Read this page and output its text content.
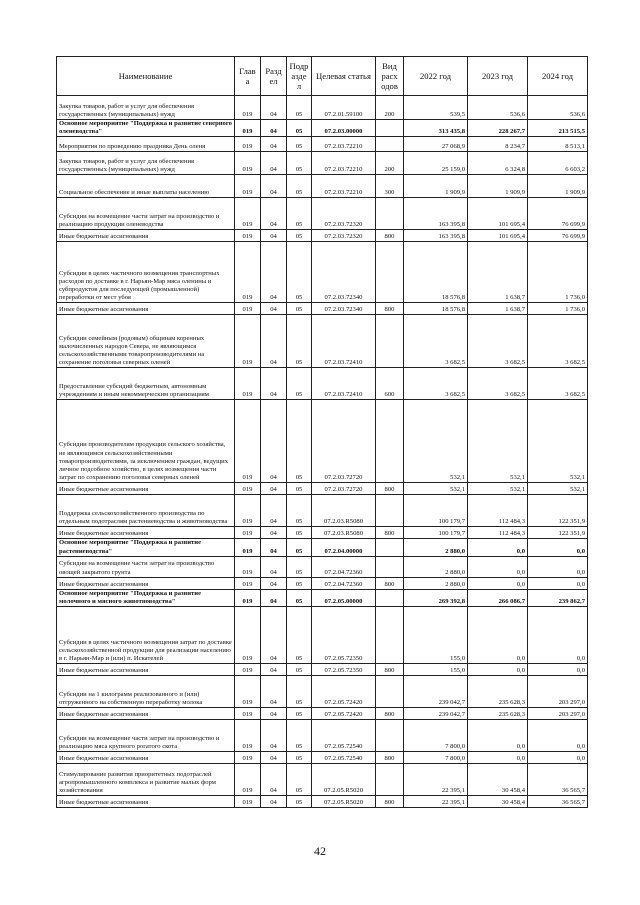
Наименование	Глав а	Разд ел	Подр азде л	Целевая статья	Вид расх одов	2022 год	2023 год	2024 год
Закупка товаров, работ и услуг для обеспечения государственных (муниципальных) нужд	019	04	05	07.2.01.59100	200	539,5	536,6	536,6
Основное мероприятие "Поддержка и развитие северного оленеводства"	019	04	05	07.2.03.00000		313 435,8	228 267,7	213 515,5
Мероприятия по проведению праздника День оленя	019	04	05	07.2.03.72210		27 068,9	8 234,7	8 513,1
Закупка товаров, работ и услуг для обеспечения государственных (муниципальных) нужд	019	04	05	07.2.03.72210	200	25 159,0	6 324,8	6 603,2
Социальное обеспечение и иные выплаты населению	019	04	05	07.2.03.72210	300	1 909,9	1 909,9	1 909,9
Субсидии на возмещение части затрат на производство и реализацию продукции оленеводства	019	04	05	07.2.03.72320		163 395,8	101 695,4	76 699,9
Иные бюджетные ассигнования	019	04	05	07.2.03.72320	800	163 395,8	101 695,4	76 699,9
Субсидии в целях частичного возмещения транспортных расходов по доставке в г. Нарьян-Мар мяса оленины и субпродуктов для последующей (промышленной) переработки от мест убоя	019	04	05	07.2.03.72340		18 576,8	1 638,7	1 736,0
Иные бюджетные ассигнования	019	04	05	07.2.03.72340	800	18 576,8	1 638,7	1 736,0
Субсидии семейным (родовым) общинам коренных малочисленных народов Севера, не являющимся сельскохозяйственными товаропроизводителями на сохранение поголовья северных оленей	019	04	05	07.2.03.72410		3 682,5	3 682,5	3 682,5
Предоставление субсидий бюджетным, автономным учреждениям и иным некоммерческим организациям	019	04	05	07.2.03.72410	600	3 682,5	3 682,5	3 682,5
Субсидии производителям продукции сельского хозяйства, не являющимся сельскохозяйственными товаропроизводителями, за исключением граждан, ведущих личное подсобное хозяйство, в целях возмещения части затрат по сохранению поголовья северных оленей	019	04	05	07.2.03.72720		532,1	532,1	532,1
Иные бюджетные ассигнования	019	04	05	07.2.03.72720	800	532,1	532,1	532,1
Поддержка сельскохозяйственного производства по отдельным подотраслям растениеводства и животноводства	019	04	05	07.2.03.R5080		100 179,7	112 484,3	122 351,9
Иные бюджетные ассигнования	019	04	05	07.2.03.R5080	800	100 179,7	112 484,3	122 351,9
Основное мероприятие "Поддержка и развитие растениеводства"	019	04	05	07.2.04.00000		2 880,0	0,0	0,0
Субсидии на возмещение части затрат на производство овощей закрытого грунта	019	04	05	07.2.04.72360		2 880,0	0,0	0,0
Иные бюджетные ассигнования	019	04	05	07.2.04.72360	800	2 880,0	0,0	0,0
Основное мероприятие "Поддержка и развитие молочного и мясного животноводства"	019	04	05	07.2.05.00000		269 392,8	266 086,7	239 862,7
Субсидии в целях частичного возмещения затрат по доставке сельскохозяйственной продукции для реализации населению в г. Нарьян-Мар и (или) п. Искателей	019	04	05	07.2.05.72350		155,0	0,0	0,0
Иные бюджетные ассигнования	019	04	05	07.2.05.72350	800	155,0	0,0	0,0
Субсидии на 1 килограмм реализованного и (или) отгруженного на собственную переработку молока	019	04	05	07.2.05.72420		239 042,7	235 628,3	203 297,0
Иные бюджетные ассигнования	019	04	05	07.2.05.72420	800	239 042,7	235 628,3	203 297,0
Субсидии на возмещение части затрат на производство и реализацию мяса крупного рогатого скота	019	04	05	07.2.05.72540		7 800,0	0,0	0,0
Иные бюджетные ассигнования	019	04	05	07.2.05.72540	800	7 800,0	0,0	0,0
Стимулирование развития приоритетных подотраслей агропромышленного комплекса и развитие малых форм хозяйствования	019	04	05	07.2.05.R5020		22 395,1	30 458,4	36 565,7
Иные бюджетные ассигнования	019	04	05	07.2.05.R5020	800	22 395,1	30 458,4	36 565,7
42
